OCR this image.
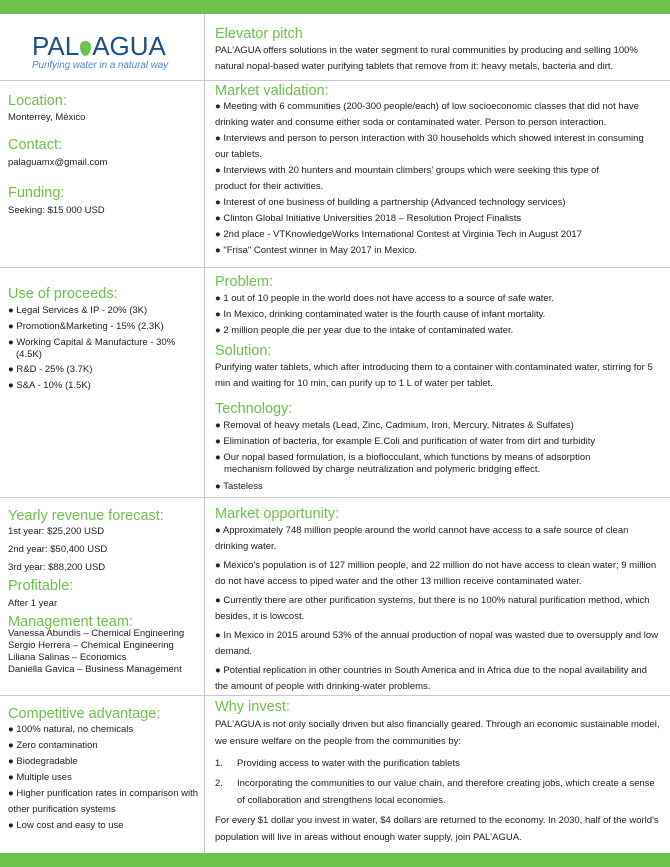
PAL AGUA
Purifying water in a natural way
Location:

Monterrey, México

Contact:

palaguamx@gmail.com

Funding:

Seeking: $15 000 USD

Use of proceeds:
● Legal Services & IP - 20% (3K)
● Promotion&Marketing - 15% (2.3K)
● Working Capital & Manufacture - 30% (4.5K)
● R&D - 25% (3.7K)
● S&A - 10% (1.5K)
Yearly revenue forecast:
1st year: $25,200 USD
2nd year: $50,400 USD
3rd year: $88,200 USD
Profitable:

After 1 year

Management team:
Vanessa Abundis – Chemical Engineering
Sergio Herrera – Chemical Engineering
Liliana Salinas – Economics
Daniella Gavica – Business Management
Competitive advantage:
● 100% natural, no chemicals
● Zero contamination
● Biodegradable
● Multiple uses
● Higher purification rates in comparison with other purification systems
● Low cost and easy to use
Elevator pitch

PAL'AGUA offers solutions in the water segment to rural communities by producing and selling 100% natural nopal-based water purifying tablets that remove from it: heavy metals, bacteria and dirt.

Market validation:
● Meeting with 6 communities (200-300 people/each) of low socioeconomic classes that did not have drinking water and consume either soda or contaminated water. Person to person interaction.
● Interviews and person to person interaction with 30 households which showed interest in consuming our tablets.
● Interviews with 20 hunters and mountain climbers' groups which were seeking this type of product for their activities.
● Interest of one business of building a partnership (Advanced technology services)
● Clinton Global Initiative Universities 2018 – Resolution Project Finalists
● 2nd place - VTKnowledgeWorks International Contest at Virginia Tech in August 2017
● "Frisa" Contest winner in May 2017 in Mexico.
Problem:
● 1 out of 10 people in the world does not have access to a source of safe water.
● In Mexico, drinking contaminated water is the fourth cause of infant mortality.
● 2 million people die per year due to the intake of contaminated water.
Solution:

Purifying water tablets, which after introducing them to a container with contaminated water, stirring for 5 min and waiting for 10 min, can purify up to 1 L of water per tablet.

Technology:
● Removal of heavy metals (Lead, Zinc, Cadmium, Iron, Mercury, Nitrates & Sulfates)
● Elimination of bacteria, for example E.Coli and purification of water from dirt and turbidity
● Our nopal based formulation, is a bioflocculant, which functions by means of adsorption mechanism followed by charge neutralization and polymeric bridging effect.
● Tasteless
Market opportunity:
● Approximately 748 million people around the world cannot have access to a safe source of clean drinking water.
● Mexico's population is of 127 million people, and 22 million do not have access to clean water; 9 million do not have access to piped water and the other 13 million receive contaminated water.
● Currently there are other purification systems, but there is no 100% natural purification method, which besides, it is lowcost.
● In Mexico in 2015 around 53% of the annual production of nopal was wasted due to oversupply and low demand.
● Potential replication in other countries in South America and in Africa due to the nopal availability and the amount of people with drinking-water problems.
Why invest:

PAL'AGUA is not only socially driven but also financially geared. Through an economic sustainable model, we ensure welfare on the people from the communities by:

1. Providing access to water with the purification tablets
2. Incorporating the communities to our value chain, and therefore creating jobs, which create a sense of collaboration and strengthens local economies.

For every $1 dollar you invest in water, $4 dollars are returned to the economy. In 2030, half of the world's population will live in areas without enough water supply, join PAL'AGUA.
